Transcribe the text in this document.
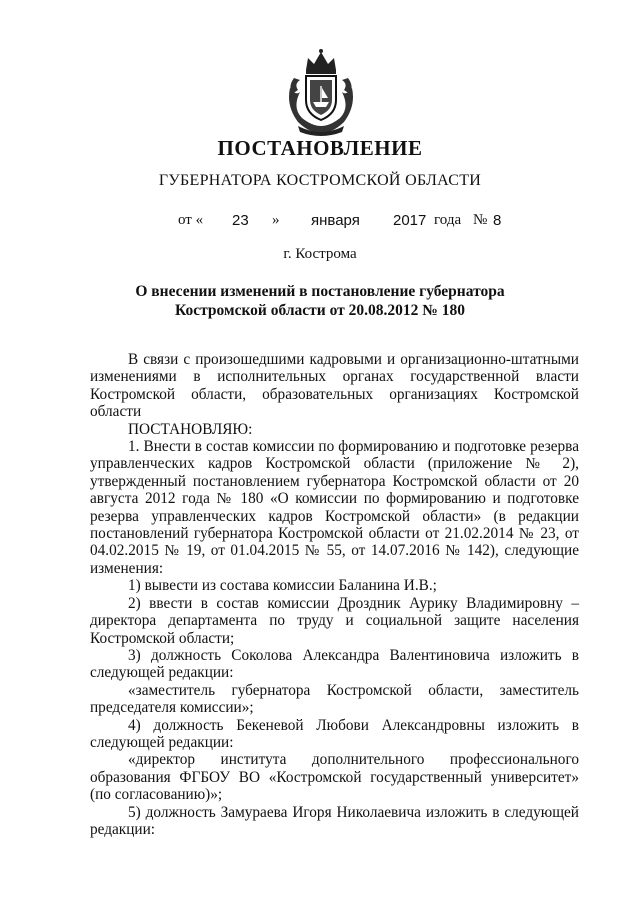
ПОСТАНОВЛЕНИЕ
ГУБЕРНАТОРА КОСТРОМСКОЙ ОБЛАСТИ
от « 23 » января 2017 года № 8
г. Кострома
О внесении изменений в постановление губернатора
Костромской области от 20.08.2012 № 180

В связи с произошедшими кадровыми и организационно-штатными изменениями в исполнительных органах государственной власти Костромской области, образовательных организациях Костромской области

ПОСТАНОВЛЯЮ:

1. Внести в состав комиссии по формированию и подготовке резерва управленческих кадров Костромской области (приложение № 2), утвержденный постановлением губернатора Костромской области от 20 августа 2012 года № 180 «О комиссии по формированию и подготовке резерва управленческих кадров Костромской области» (в редакции постановлений губернатора Костромской области от 21.02.2014 № 23, от 04.02.2015 № 19, от 01.04.2015 № 55, от 14.07.2016 № 142), следующие изменения:

1) вывести из состава комиссии Баланина И.В.;

2) ввести в состав комиссии Дроздник Аурику Владимировну – директора департамента по труду и социальной защите населения Костромской области;

3) должность Соколова Александра Валентиновича изложить в следующей редакции:

«заместитель губернатора Костромской области, заместитель председателя комиссии»;

4) должность Бекеневой Любови Александровны изложить в следующей редакции:

«директор института дополнительного профессионального образования ФГБОУ ВО «Костромской государственный университет» (по согласованию)»;

5) должность Замураева Игоря Николаевича изложить в следующей редакции:
